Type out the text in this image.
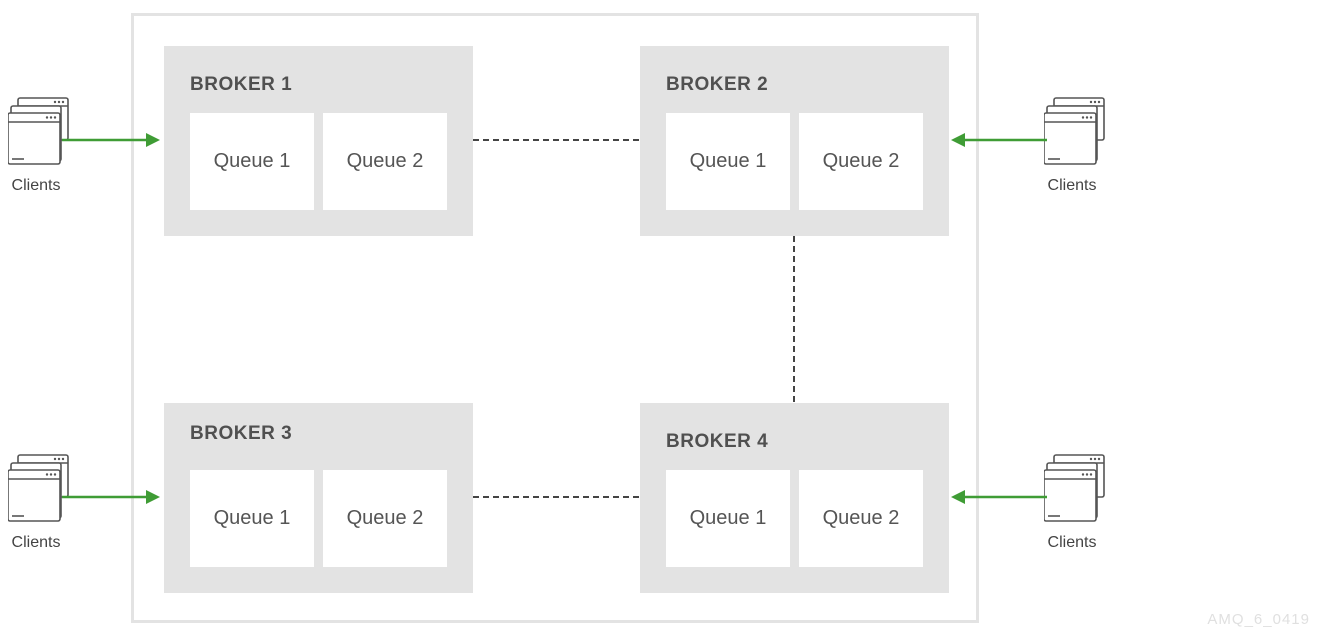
BROKER 1
Queue 1	Queue 2
BROKER 2
Queue 1	Queue 2
BROKER 3
Queue 1	Queue 2
BROKER 4
Queue 1	Queue 2
Clients	Clients
Clients	Clients
AMQ_6_0419
